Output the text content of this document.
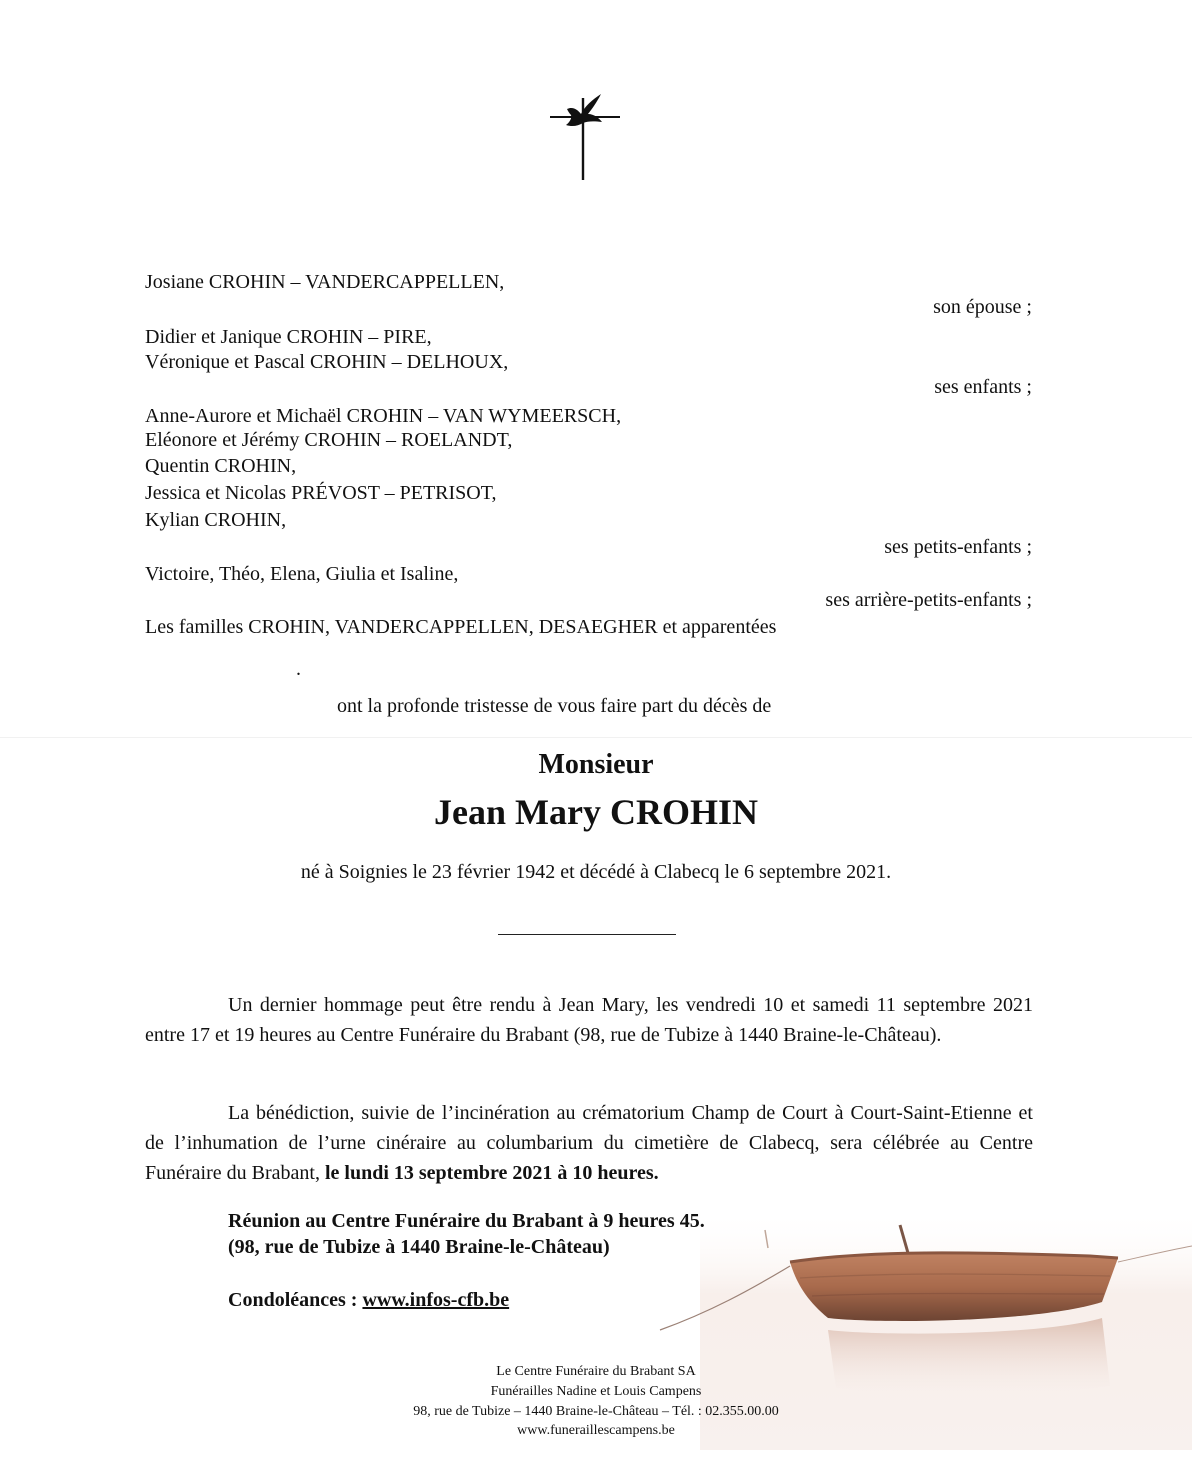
Josiane CROHIN – VANDERCAPPELLEN,
son épouse ;
Didier et Janique CROHIN – PIRE,
Véronique et Pascal CROHIN – DELHOUX,
ses enfants ;
Anne-Aurore et Michaël CROHIN – VAN WYMEERSCH,
Eléonore et Jérémy CROHIN – ROELANDT,
Quentin CROHIN,
Jessica et Nicolas PRÉVOST – PETRISOT,
Kylian CROHIN,
ses petits-enfants ;
Victoire, Théo, Elena, Giulia et Isaline,
ses arrière-petits-enfants ;
Les familles CROHIN, VANDERCAPPELLEN, DESAEGHER et apparentées
.
ont la profonde tristesse de vous faire part du décès de
Monsieur
Jean Mary CROHIN
né à Soignies le 23 février 1942 et décédé à Clabecq le 6 septembre 2021.
Un dernier hommage peut être rendu à Jean Mary, les vendredi 10 et samedi 11 septembre 2021 entre 17 et 19 heures au Centre Funéraire du Brabant (98, rue de Tubize à 1440 Braine-le-Château).
La bénédiction, suivie de l’incinération au crématorium Champ de Court à Court-Saint-Etienne et de l’inhumation de l’urne cinéraire au columbarium du cimetière de Clabecq, sera célébrée au Centre Funéraire du Brabant, le lundi 13 septembre 2021 à 10 heures.
Réunion au Centre Funéraire du Brabant à 9 heures 45.
(98, rue de Tubize à 1440 Braine-le-Château)
Condoléances : www.infos-cfb.be
Le Centre Funéraire du Brabant SA
Funérailles Nadine et Louis Campens
98, rue de Tubize – 1440 Braine-le-Château – Tél. : 02.355.00.00
www.funeraillescampens.be
